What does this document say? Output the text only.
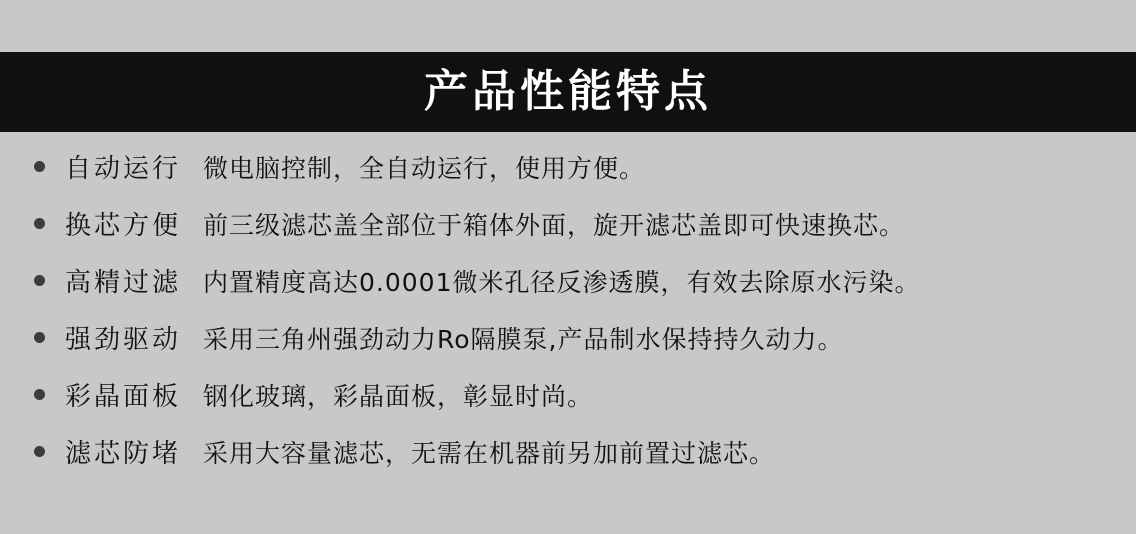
产品性能特点
自动运行 微电脑控制，全自动运行，使用方便。
换芯方便 前三级滤芯盖全部位于箱体外面，旋开滤芯盖即可快速换芯。
高精过滤 内置精度高达0.0001微米孔径反渗透膜，有效去除原水污染。
强劲驱动 采用三角州强劲动力Ro隔膜泵,产品制水保持持久动力。
彩晶面板 钢化玻璃，彩晶面板，彰显时尚。
滤芯防堵 采用大容量滤芯，无需在机器前另加前置过滤芯。
